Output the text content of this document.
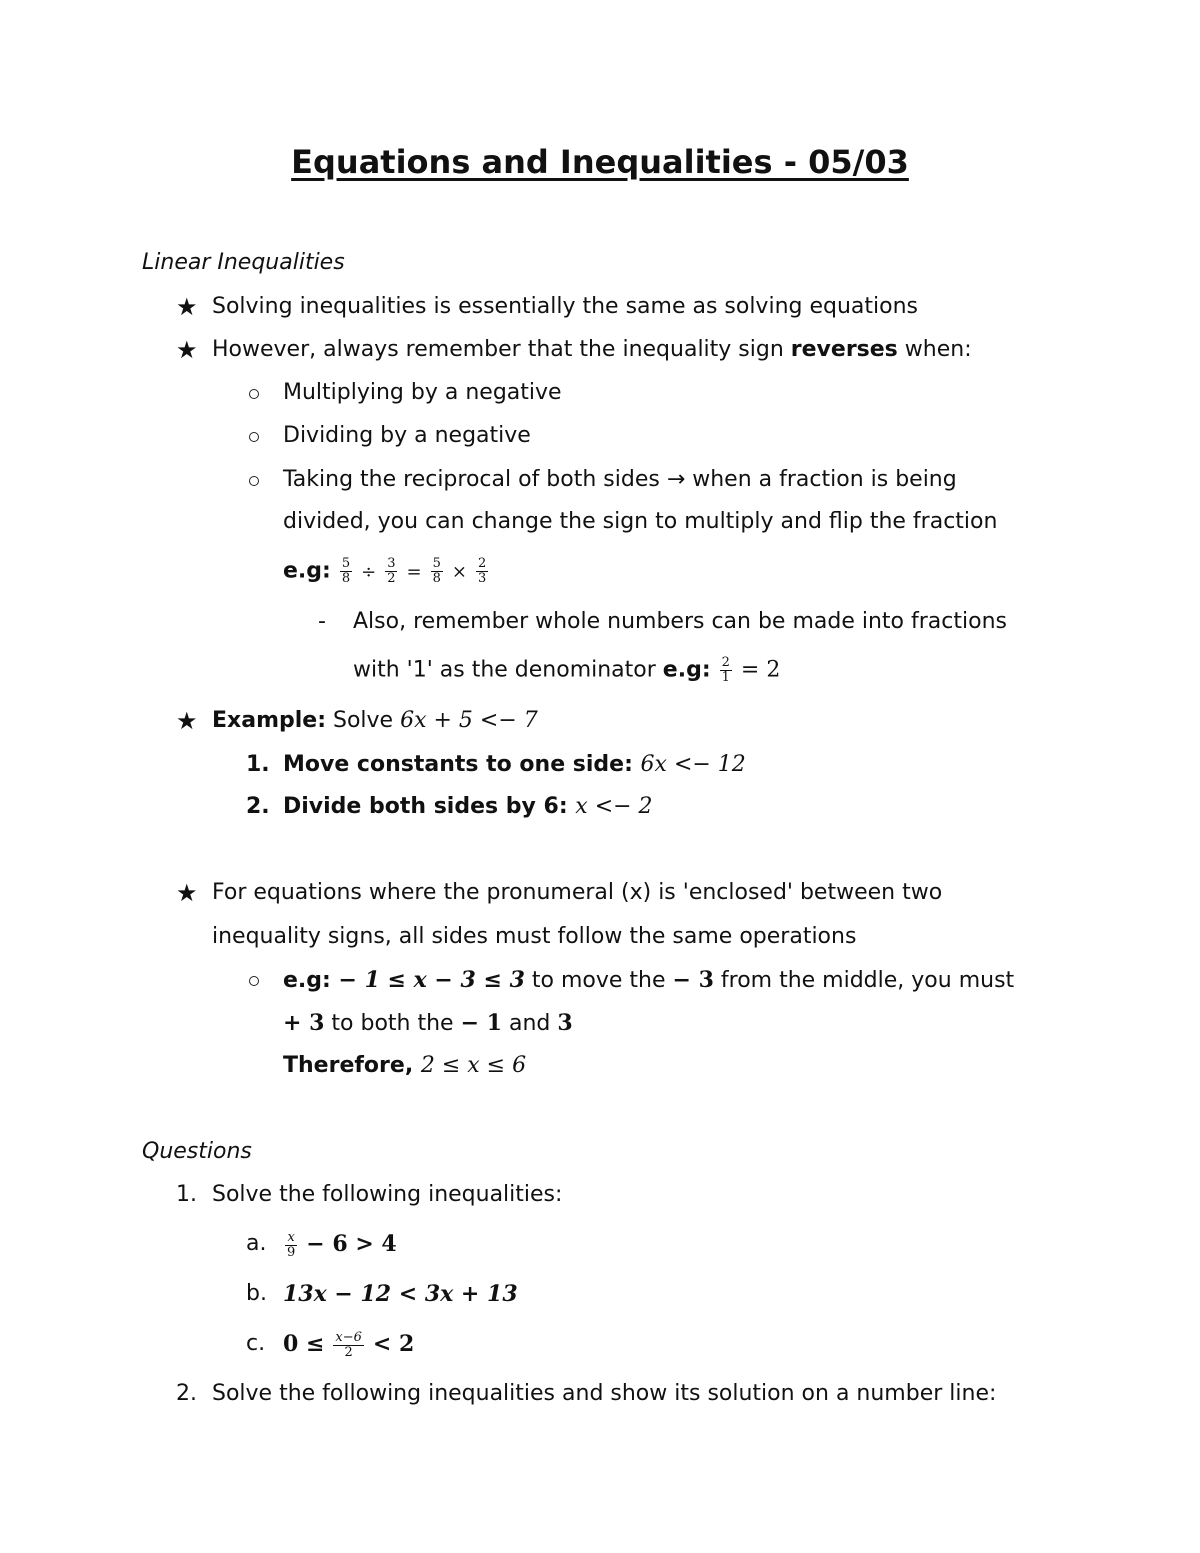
Equations and Inequalities - 05/03
Linear Inequalities
★ Solving inequalities is essentially the same as solving equations
★ However, always remember that the inequality sign reverses when:
Multiplying by a negative
Dividing by a negative
Taking the reciprocal of both sides → when a fraction is being
divided, you can change the sign to multiply and flip the fraction
e.g: $\frac{5}{8} \div \frac{3}{2} = \frac{5}{8} \times \frac{2}{3}$
- Also, remember whole numbers can be made into fractions
with '1' as the denominator e.g: $\frac{2}{1} = 2$
★ Example: Solve 6x + 5 <− 7
1. Move constants to one side: 6x <− 12
2. Divide both sides by 6: x <− 2
★ For equations where the pronumeral (x) is 'enclosed' between two
inequality signs, all sides must follow the same operations
e.g: − 1 ≤ x − 3 ≤ 3 to move the − 3 from the middle, you must
+ 3 to both the − 1 and 3
Therefore, 2 ≤ x ≤ 6
Questions
1. Solve the following inequalities:
a. $\frac{x}{9} - 6 > 4$
b. 13x − 12 < 3x + 13
c. $0 \le \frac{x-6}{2} < 2$
2. Solve the following inequalities and show its solution on a number line:
